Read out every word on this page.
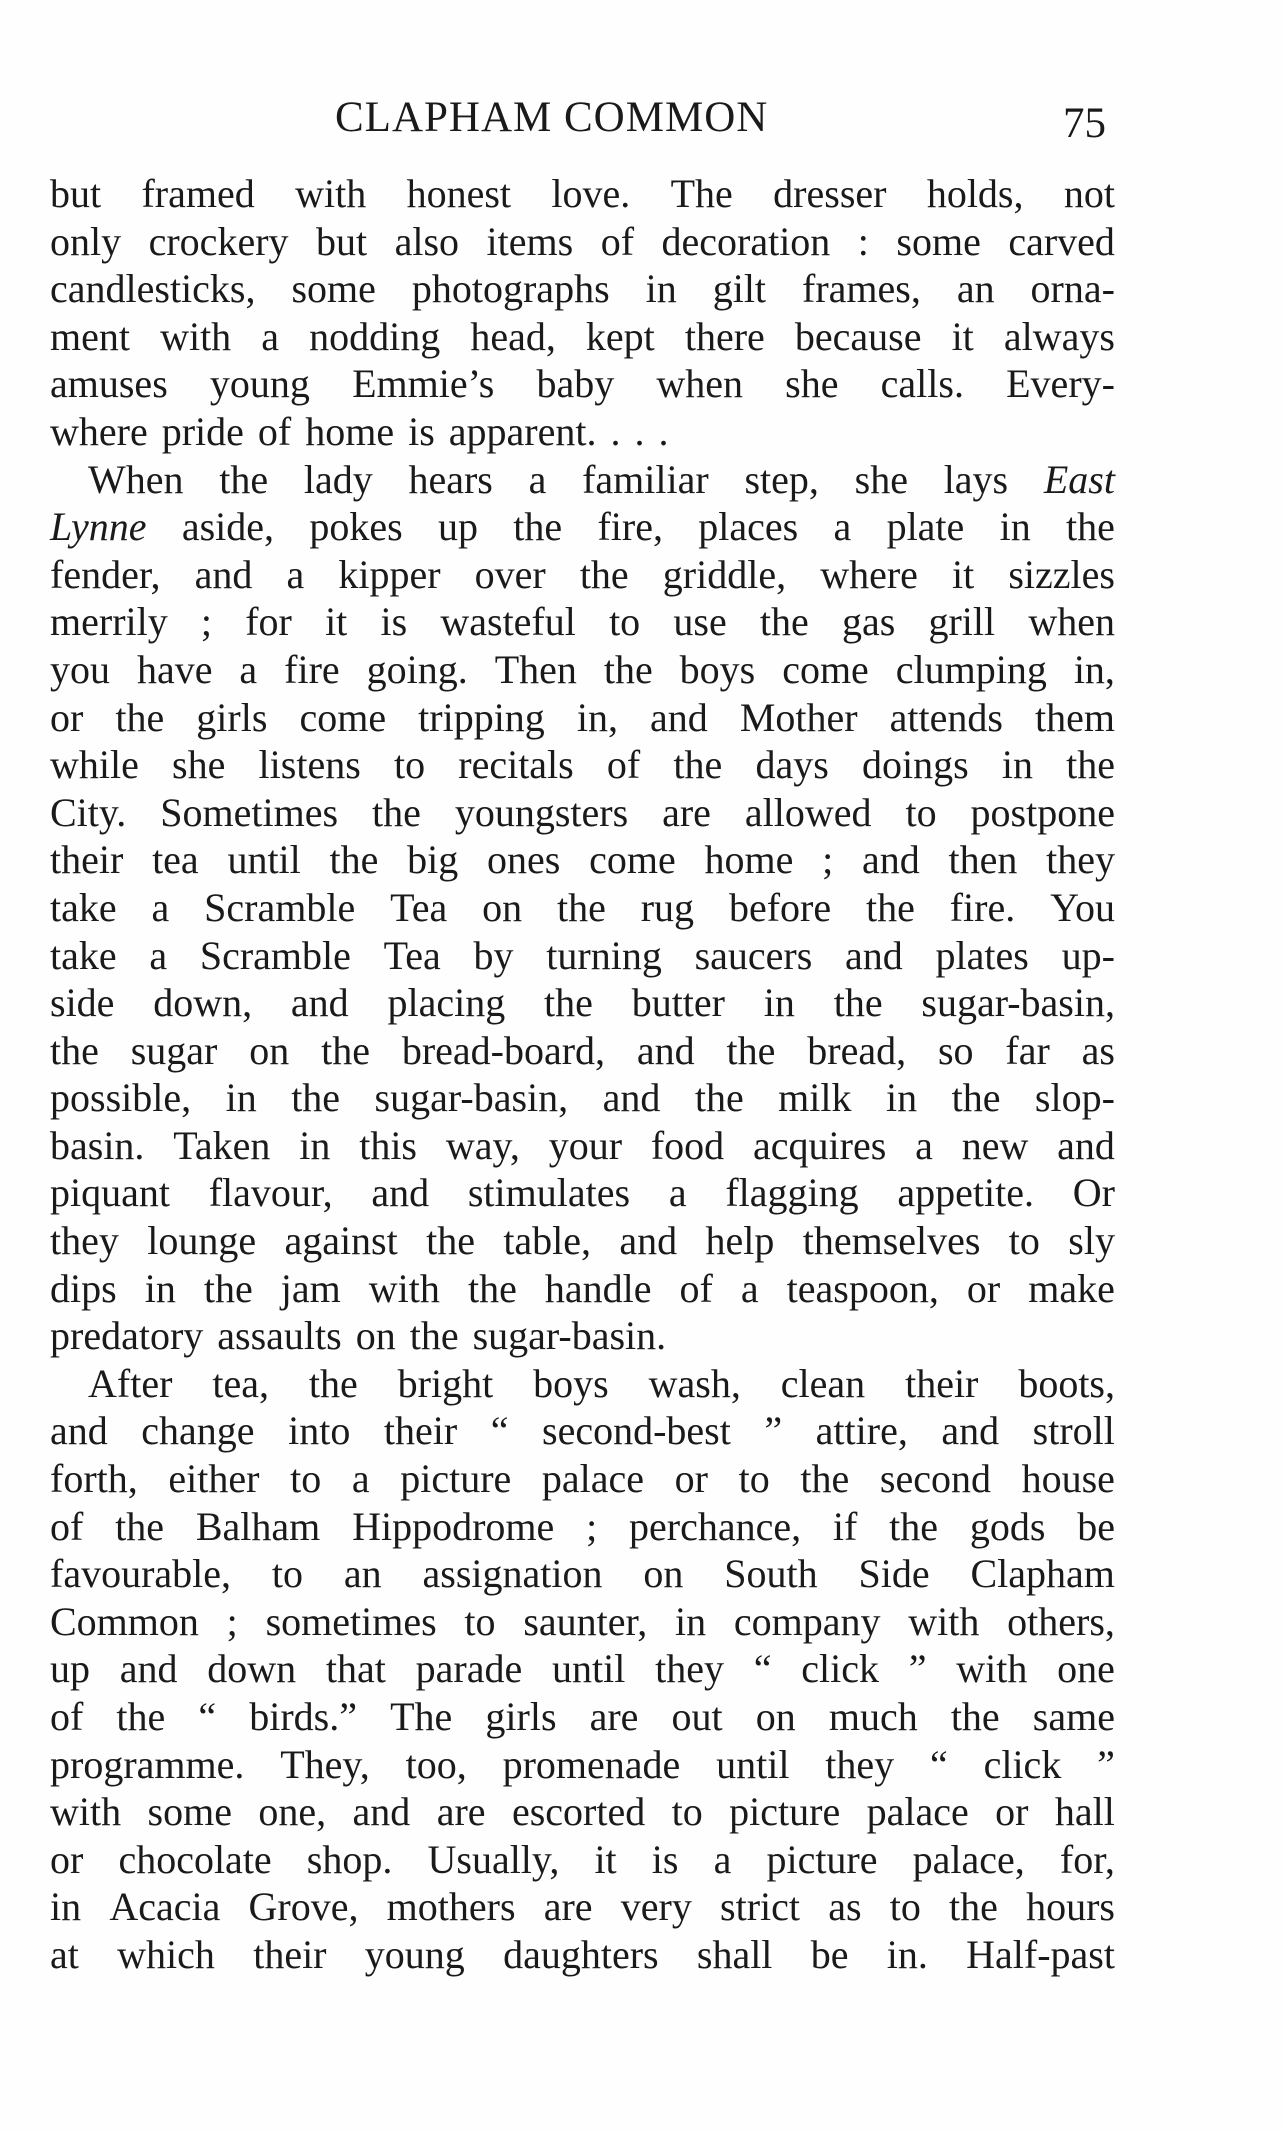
CLAPHAM COMMON	75
but framed with honest love. The dresser holds, not
only crockery but also items of decoration : some carved
candlesticks, some photographs in gilt frames, an orna-
ment with a nodding head, kept there because it always
amuses young Emmie’s baby when she calls. Every-
where pride of home is apparent. . . .
When the lady hears a familiar step, she lays East
Lynne aside, pokes up the fire, places a plate in the
fender, and a kipper over the griddle, where it sizzles
merrily ; for it is wasteful to use the gas grill when
you have a fire going. Then the boys come clumping in,
or the girls come tripping in, and Mother attends them
while she listens to recitals of the days doings in the
City. Sometimes the youngsters are allowed to postpone
their tea until the big ones come home ; and then they
take a Scramble Tea on the rug before the fire. You
take a Scramble Tea by turning saucers and plates up-
side down, and placing the butter in the sugar-basin,
the sugar on the bread-board, and the bread, so far as
possible, in the sugar-basin, and the milk in the slop-
basin. Taken in this way, your food acquires a new and
piquant flavour, and stimulates a flagging appetite. Or
they lounge against the table, and help themselves to sly
dips in the jam with the handle of a teaspoon, or make
predatory assaults on the sugar-basin.
After tea, the bright boys wash, clean their boots,
and change into their “ second-best ” attire, and stroll
forth, either to a picture palace or to the second house
of the Balham Hippodrome ; perchance, if the gods be
favourable, to an assignation on South Side Clapham
Common ; sometimes to saunter, in company with others,
up and down that parade until they “ click ” with one
of the “ birds.” The girls are out on much the same
programme. They, too, promenade until they “ click ”
with some one, and are escorted to picture palace or hall
or chocolate shop. Usually, it is a picture palace, for,
in Acacia Grove, mothers are very strict as to the hours
at which their young daughters shall be in. Half-past
